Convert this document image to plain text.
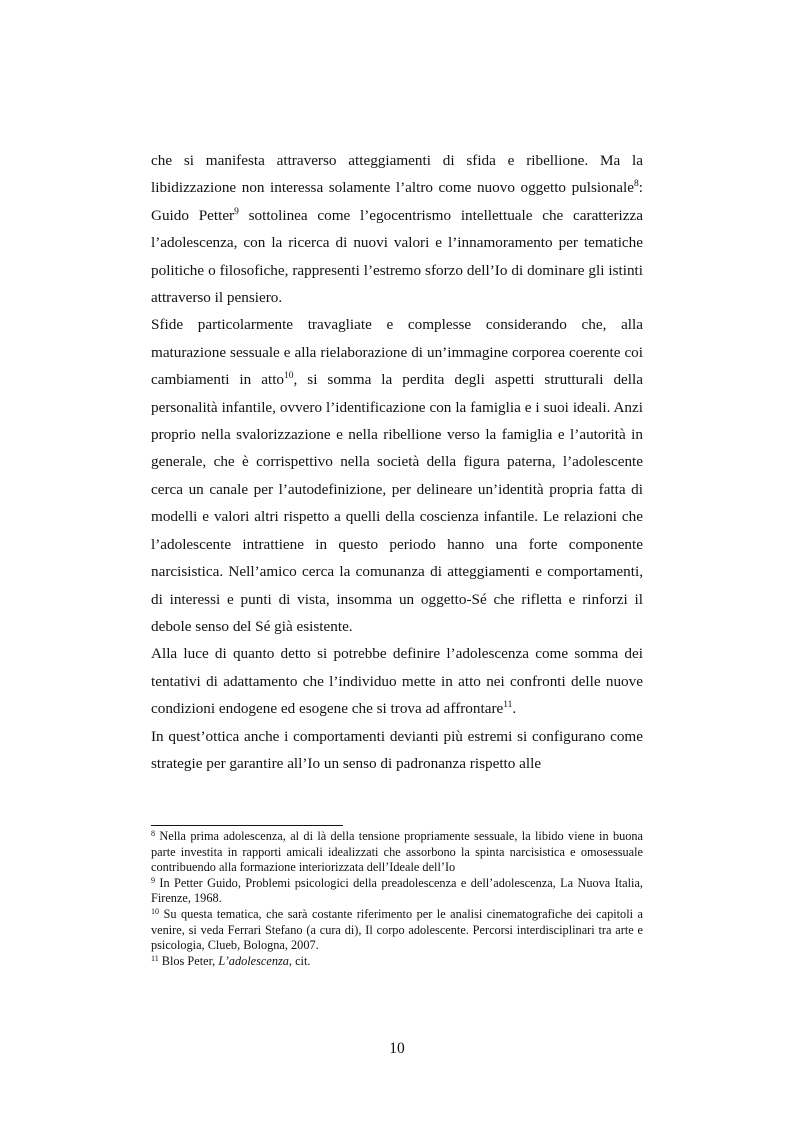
che si manifesta attraverso atteggiamenti di sfida e ribellione. Ma la libidizzazione non interessa solamente l’altro come nuovo oggetto pulsionale$^8$: Guido Petter$^9$ sottolinea come l’egocentrismo intellettuale che caratterizza l’adolescenza, con la ricerca di nuovi valori e l’innamoramento per tematiche politiche o filosofiche, rappresenti l’estremo sforzo dell’Io di dominare gli istinti attraverso il pensiero.

Sfide particolarmente travagliate e complesse considerando che, alla maturazione sessuale e alla rielaborazione di un’immagine corporea coerente coi cambiamenti in atto$^{10}$, si somma la perdita degli aspetti strutturali della personalità infantile, ovvero l’identificazione con la famiglia e i suoi ideali. Anzi proprio nella svalorizzazione e nella ribellione verso la famiglia e l’autorità in generale, che è corrispettivo nella società della figura paterna, l’adolescente cerca un canale per l’autodefinizione, per delineare un’identità propria fatta di modelli e valori altri rispetto a quelli della coscienza infantile. Le relazioni che l’adolescente intrattiene in questo periodo hanno una forte componente narcisistica. Nell’amico cerca la comunanza di atteggiamenti e comportamenti, di interessi e punti di vista, insomma un oggetto-Sé che rifletta e rinforzi il debole senso del Sé già esistente.

Alla luce di quanto detto si potrebbe definire l’adolescenza come somma dei tentativi di adattamento che l’individuo mette in atto nei confronti delle nuove condizioni endogene ed esogene che si trova ad affrontare$^{11}$.

In quest’ottica anche i comportamenti devianti più estremi si configurano come strategie per garantire all’Io un senso di padronanza rispetto alle

$^8$ Nella prima adolescenza, al di là della tensione propriamente sessuale, la libido viene in buona parte investita in rapporti amicali idealizzati che assorbono la spinta narcisistica e omosessuale contribuendo alla formazione interiorizzata dell’Ideale dell’Io

$^9$ In Petter Guido, Problemi psicologici della preadolescenza e dell’adolescenza, La Nuova Italia, Firenze, 1968.

$^{10}$ Su questa tematica, che sarà costante riferimento per le analisi cinematografiche dei capitoli a venire, si veda Ferrari Stefano (a cura di), Il corpo adolescente. Percorsi interdisciplinari tra arte e psicologia, Clueb, Bologna, 2007.

$^{11}$ Blos Peter, L’adolescenza, cit.

10
